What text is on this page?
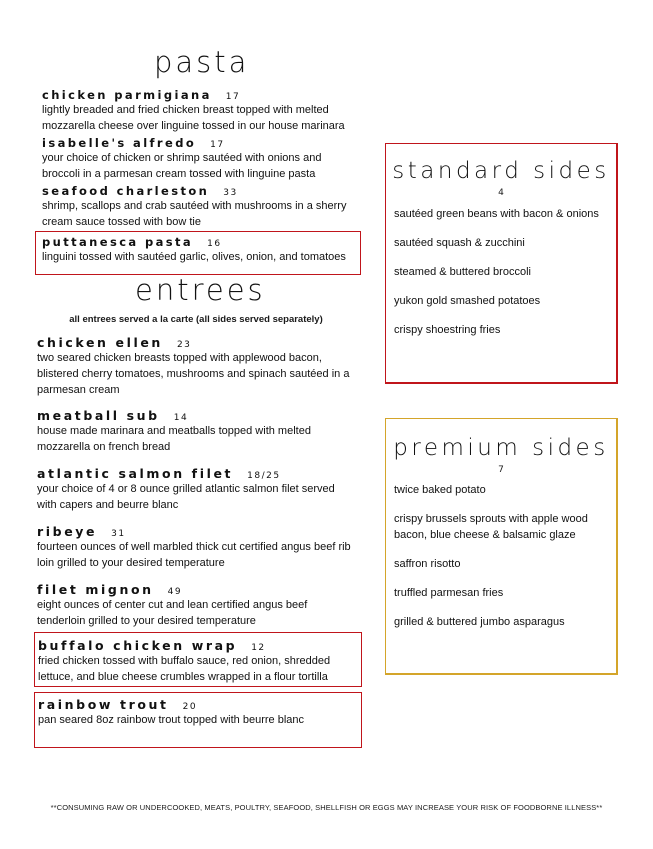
pasta
chicken parmigiana 17
lightly breaded and fried chicken breast topped with melted mozzarella cheese over linguine tossed in our house marinara
isabelle's alfredo 17
your choice of chicken or shrimp sautéed with onions and broccoli in a parmesan cream tossed with linguine pasta
seafood charleston 33
shrimp, scallops and crab sautéed with mushrooms in a sherry cream sauce tossed with bow tie
puttanesca pasta 16
linguini tossed with sautéed garlic, olives, onion, and tomatoes
entrees
all entrees served a la carte (all sides served separately)
chicken ellen 23
two seared chicken breasts topped with applewood bacon, blistered cherry tomatoes, mushrooms and spinach sautéed in a parmesan cream
meatball sub 14
house made marinara and meatballs topped with melted mozzarella on french bread
atlantic salmon filet 18/25
your choice of 4 or 8 ounce grilled atlantic salmon filet served with capers and beurre blanc
ribeye 31
fourteen ounces of well marbled thick cut certified angus beef rib loin grilled to your desired temperature
filet mignon 49
eight ounces of center cut and lean certified angus beef tenderloin grilled to your desired temperature
buffalo chicken wrap 12
fried chicken tossed with buffalo sauce, red onion, shredded lettuce, and blue cheese crumbles wrapped in a flour tortilla
rainbow trout 20
pan seared 8oz rainbow trout topped with beurre blanc
standard sides
4
sautéed green beans with bacon & onions
sautéed squash & zucchini
steamed & buttered broccoli
yukon gold smashed potatoes
crispy shoestring fries
premium sides
7
twice baked potato
crispy brussels sprouts with apple wood bacon, blue cheese & balsamic glaze
saffron risotto
truffled parmesan fries
grilled & buttered jumbo asparagus
**CONSUMING RAW OR UNDERCOOKED, MEATS, POULTRY, SEAFOOD, SHELLFISH OR EGGS MAY INCREASE YOUR RISK OF FOODBORNE ILLNESS**
